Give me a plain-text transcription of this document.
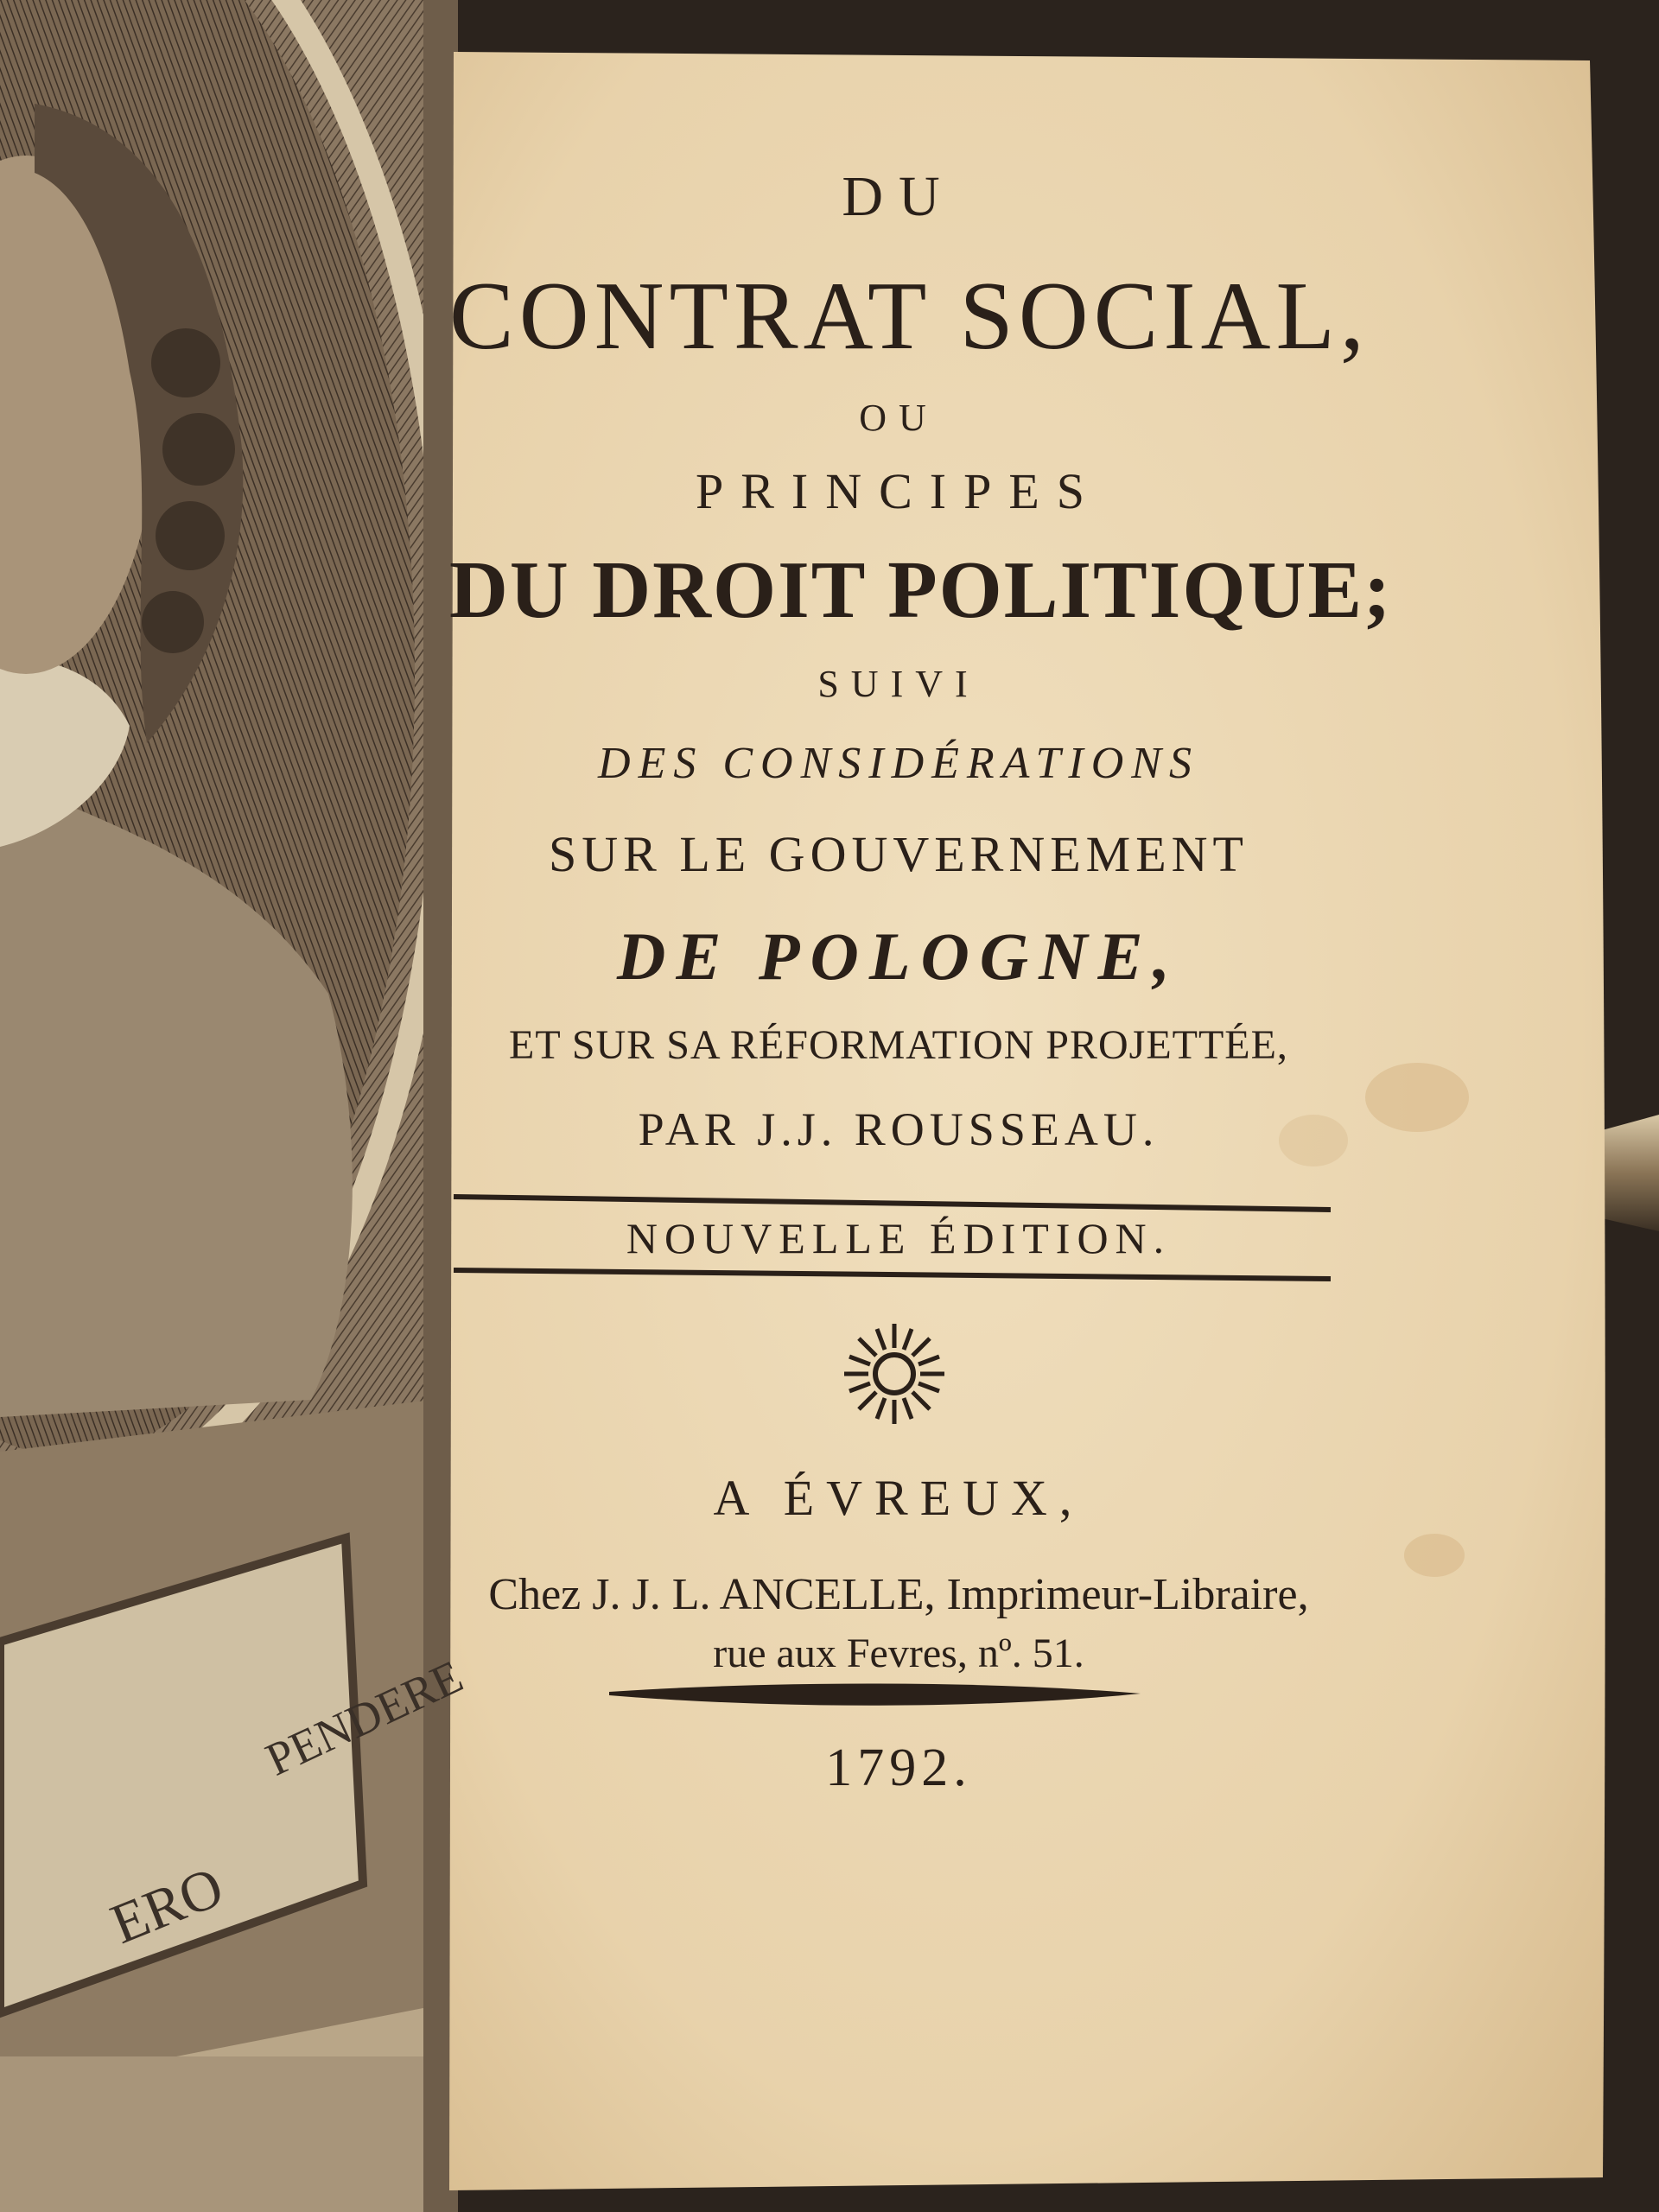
DU
CONTRAT SOCIAL,
OU
PRINCIPES
DU DROIT POLITIQUE;
SUIVI
DES CONSIDÉRATIONS
SUR LE GOUVERNEMENT
DE POLOGNE,
ET SUR SA RÉFORMATION PROJETTÉE,
PAR J.J. ROUSSEAU.
NOUVELLE ÉDITION.
A ÉVREUX,
Chez J. J. L. ANCELLE, Imprimeur-Libraire,
rue aux Fevres, nº. 51.
1792.
PENDERE
ERO
